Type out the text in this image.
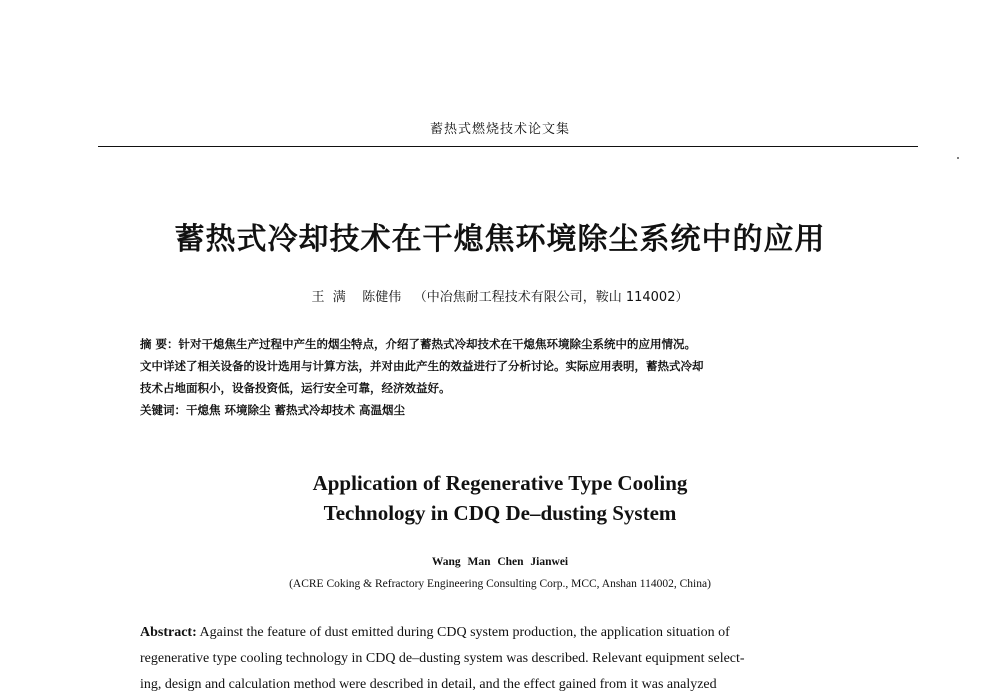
蓄热式燃烧技术论文集
蓄热式冷却技术在干熄焦环境除尘系统中的应用
王  满    陈健伟   （中冶焦耐工程技术有限公司，鞍山 114002）
摘 要：针对干熄焦生产过程中产生的烟尘特点，介绍了蓄热式冷却技术在干熄焦环境除尘系统中的应用情况。
文中详述了相关设备的设计选用与计算方法，并对由此产生的效益进行了分析讨论。实际应用表明，蓄热式冷却
技术占地面积小，设备投资低，运行安全可靠，经济效益好。
关键词：干熄焦 环境除尘 蓄热式冷却技术 高温烟尘
Application of Regenerative Type Cooling
Technology in CDQ De–dusting System
Wang Man Chen Jianwei
(ACRE Coking & Refractory Engineering Consulting Corp., MCC, Anshan 114002, China)
Abstract: Against the feature of dust emitted during CDQ system production, the application situation of
regenerative type cooling technology in CDQ de–dusting system was described. Relevant equipment select-
ing, design and calculation method were described in detail, and the effect gained from it was analyzed
